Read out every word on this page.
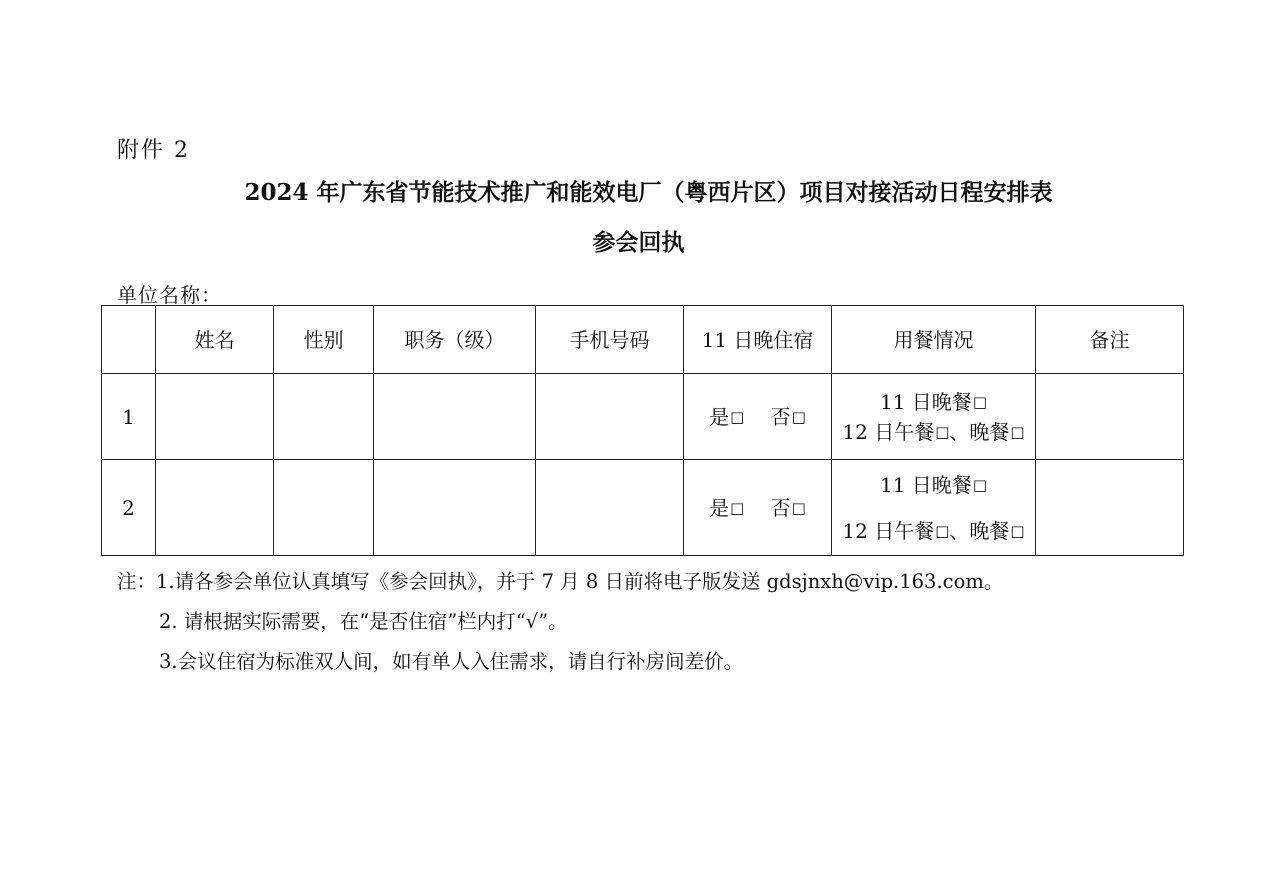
附件 2
2024 年广东省节能技术推广和能效电厂（粤西片区）项目对接活动日程安排表
参会回执
单位名称：
	姓名	性别	职务（级）	手机号码	11 日晚住宿	用餐情况	备注
1					是□ 否□	11 日晚餐□
12 日午餐□、晚餐□	

2					是□ 否□	11 日晚餐□
12 日午餐□、晚餐□	

注：1.请各参会单位认真填写《参会回执》，并于 7 月 8 日前将电子版发送 gdsjnxh@vip.163.com。
2. 请根据实际需要，在“是否住宿”栏内打“√”。
3.会议住宿为标准双人间，如有单人入住需求，请自行补房间差价。
